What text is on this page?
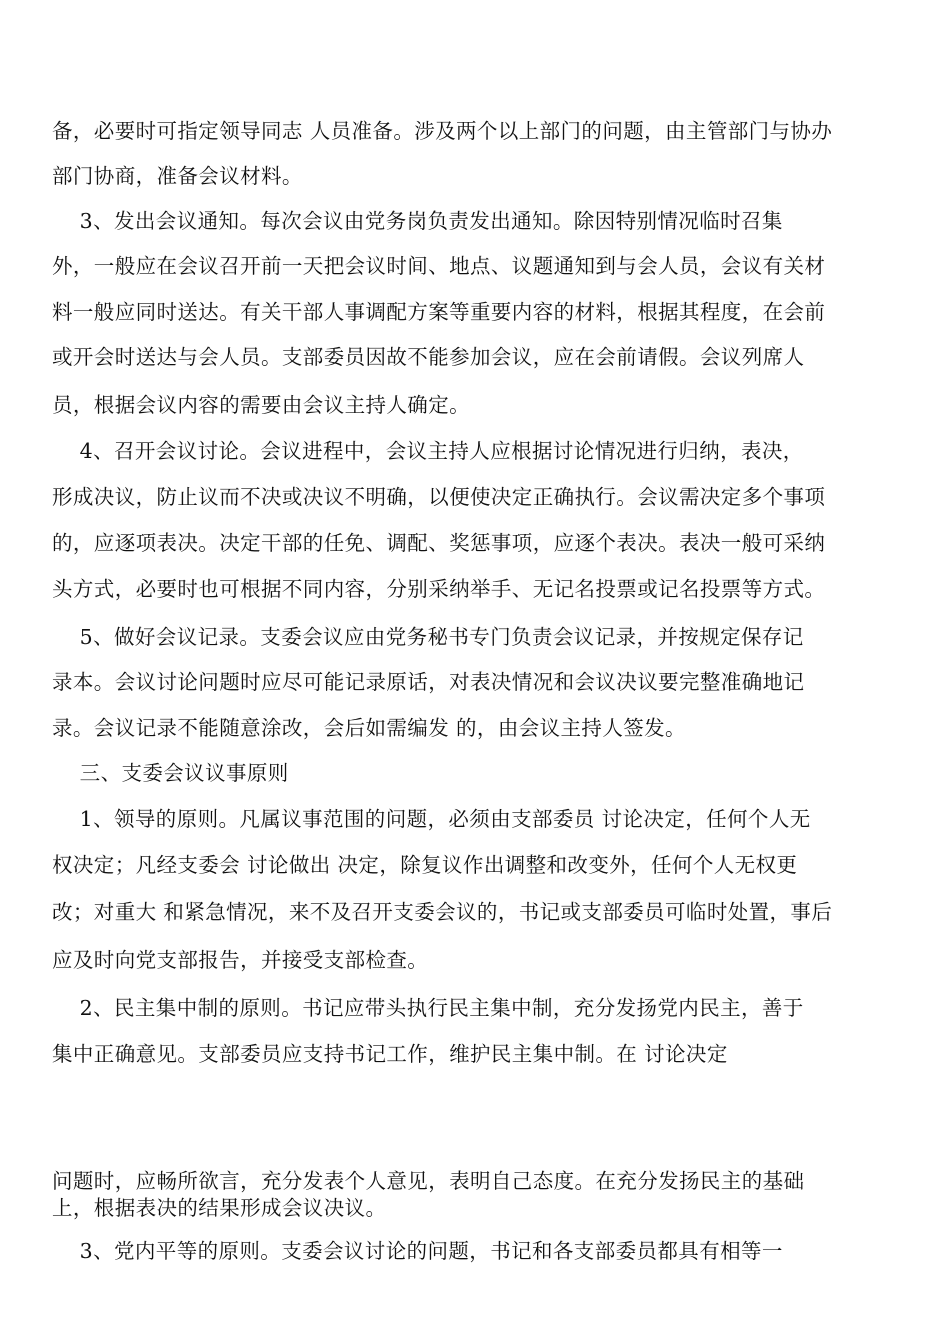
备，必要时可指定领导同志 人员准备。涉及两个以上部门的问题，由主管部门与协办
部门协商，准备会议材料。
3、发出会议通知。每次会议由党务岗负责发出通知。除因特别情况临时召集
外，一般应在会议召开前一天把会议时间、地点、议题通知到与会人员，会议有关材
料一般应同时送达。有关干部人事调配方案等重要内容的材料，根据其程度，在会前
或开会时送达与会人员。支部委员因故不能参加会议，应在会前请假。会议列席人
员，根据会议内容的需要由会议主持人确定。
4、召开会议讨论。会议进程中，会议主持人应根据讨论情况进行归纳，表决，
形成决议，防止议而不决或决议不明确，以便使决定正确执行。会议需决定多个事项
的，应逐项表决。决定干部的任免、调配、奖惩事项，应逐个表决。表决一般可采纳
头方式，必要时也可根据不同内容，分别采纳举手、无记名投票或记名投票等方式。
5、做好会议记录。支委会议应由党务秘书专门负责会议记录，并按规定保存记
录本。会议讨论问题时应尽可能记录原话，对表决情况和会议决议要完整准确地记
录。会议记录不能随意涂改，会后如需编发 的，由会议主持人签发。
三、支委会议议事原则
1、领导的原则。凡属议事范围的问题，必须由支部委员 讨论决定，任何个人无
权决定；凡经支委会 讨论做出 决定，除复议作出调整和改变外，任何个人无权更
改；对重大 和紧急情况，来不及召开支委会议的，书记或支部委员可临时处置，事后
应及时向党支部报告，并接受支部检查。
2、民主集中制的原则。书记应带头执行民主集中制，充分发扬党内民主，善于
集中正确意见。支部委员应支持书记工作，维护民主集中制。在 讨论决定
问题时，应畅所欲言，充分发表个人意见，表明自己态度。在充分发扬民主的基础
上，根据表决的结果形成会议决议。
3、党内平等的原则。支委会议讨论的问题，书记和各支部委员都具有相等一
